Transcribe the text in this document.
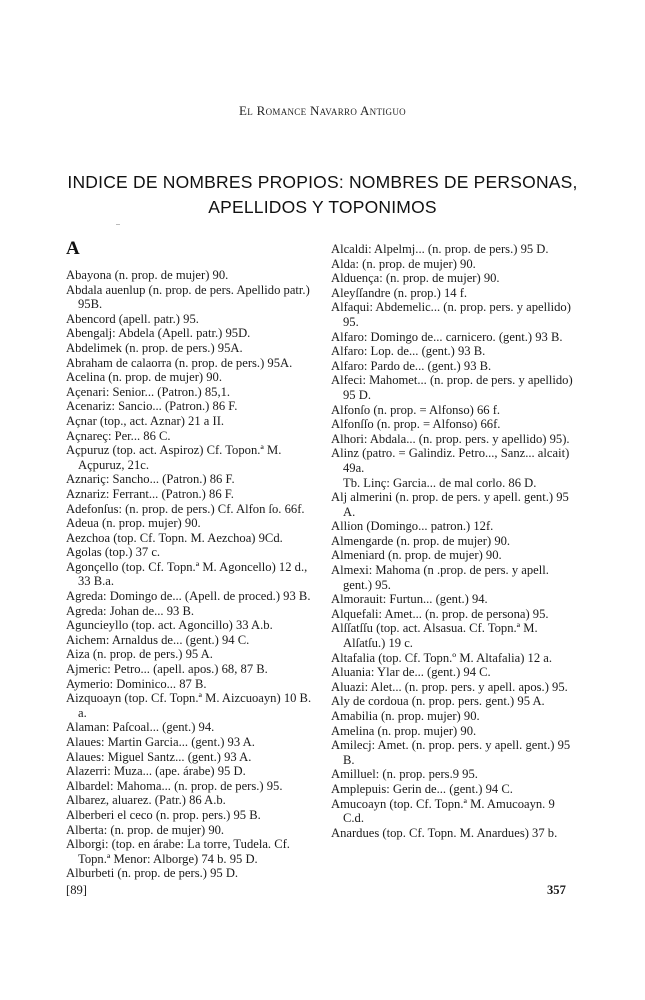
El Romance Navarro Antiguo
INDICE DE NOMBRES PROPIOS: NOMBRES DE PERSONAS,
APELLIDOS Y TOPONIMOS
A

Abayona (n. prop. de mujer) 90.

Abdala auenlup (n. prop. de pers. Apellido patr.) 95B.

Abencord (apell. patr.) 95.

Abengalj: Abdela (Apell. patr.) 95D.

Abdelimek (n. prop. de pers.) 95A.

Abraham de calaorra (n. prop. de pers.) 95A.

Acelina (n. prop. de mujer) 90.

Açenari: Senior... (Patron.) 85,1.

Acenariz: Sancio... (Patron.) 86 F.

Açnar (top., act. Aznar) 21 a II.

Açnareç: Per... 86 C.

Açpuruz (top. act. Aspiroz) Cf. Topon.ª M. Açpuruz, 21c.

Aznariç: Sancho... (Patron.) 86 F.

Aznariz: Ferrant... (Patron.) 86 F.

Adefonſus: (n. prop. de pers.) Cf. Alfon ſo. 66f.

Adeua (n. prop. mujer) 90.

Aezchoa (top. Cf. Topn. M. Aezchoa) 9Cd.

Agolas (top.) 37 c.

Agonçello (top. Cf. Topn.ª M. Agoncello) 12 d., 33 B.a.

Agreda: Domingo de... (Apell. de proced.) 93 B.

Agreda: Johan de... 93 B.

Aguncieyllo (top. act. Agoncillo) 33 A.b.

Aichem: Arnaldus de... (gent.) 94 C.

Aiza (n. prop. de pers.) 95 A.

Ajmeric: Petro... (apell. apos.) 68, 87 B.

Aymerio: Dominico... 87 B.

Aizquoayn (top. Cf. Topn.ª M. Aizcuoayn) 10 B. a.

Alaman: Paſcoal... (gent.) 94.

Alaues: Martin Garcia... (gent.) 93 A.

Alaues: Miguel Santz... (gent.) 93 A.

Alazerri: Muza... (ape. árabe) 95 D.

Albardel: Mahoma... (n. prop. de pers.) 95.

Albarez, aluarez. (Patr.) 86 A.b.

Alberberi el ceco (n. prop. pers.) 95 B.

Alberta: (n. prop. de mujer) 90.

Alborgi: (top. en árabe: La torre, Tudela. Cf. Topn.ª Menor: Alborge) 74 b. 95 D.

Alburbeti (n. prop. de pers.) 95 D.

Alcaldi: Alpelmj... (n. prop. de pers.) 95 D.

Alda: (n. prop. de mujer) 90.

Alduença: (n. prop. de mujer) 90.

Aleyſſandre (n. prop.) 14 f.

Alfaqui: Abdemelic... (n. prop. pers. y apellido) 95.

Alfaro: Domingo de... carnicero. (gent.) 93 B.

Alfaro: Lop. de... (gent.) 93 B.

Alfaro: Pardo de... (gent.) 93 B.

Alfeci: Mahomet... (n. prop. de pers. y apellido) 95 D.

Alfonſo (n. prop. = Alfonso) 66 f.

Alfonſſo (n. prop. = Alfonso) 66f.

Alhori: Abdala... (n. prop. pers. y apellido) 95).

Alinz (patro. = Galindiz. Petro..., Sanz... alcait) 49a.

Tb. Linç: Garcia... de mal corlo. 86 D.

Alj almerini (n. prop. de pers. y apell. gent.) 95 A.

Allion (Domingo... patron.) 12f.

Almengarde (n. prop. de mujer) 90.

Almeniard (n. prop. de mujer) 90.

Almexi: Mahoma (n .prop. de pers. y apell. gent.) 95.

Almorauit: Furtun... (gent.) 94.

Alquefali: Amet... (n. prop. de persona) 95.

Alſſatſſu (top. act. Alsasua. Cf. Topn.ª M. Alſatſu.) 19 c.

Altafalia (top. Cf. Topn.º M. Altafalia) 12 a.

Aluania: Ylar de... (gent.) 94 C.

Aluazi: Alet... (n. prop. pers. y apell. apos.) 95.

Aly de cordoua (n. prop. pers. gent.) 95 A.

Amabilia (n. prop. mujer) 90.

Amelina (n. prop. mujer) 90.

Amilecj: Amet. (n. prop. pers. y apell. gent.) 95 B.

Amilluel: (n. prop. pers.9 95.

Amplepuis: Gerin de... (gent.) 94 C.

Amucoayn (top. Cf. Topn.ª M. Amucoayn. 9 C.d.

Anardues (top. Cf. Topn. M. Anardues) 37 b.

[89]	357
